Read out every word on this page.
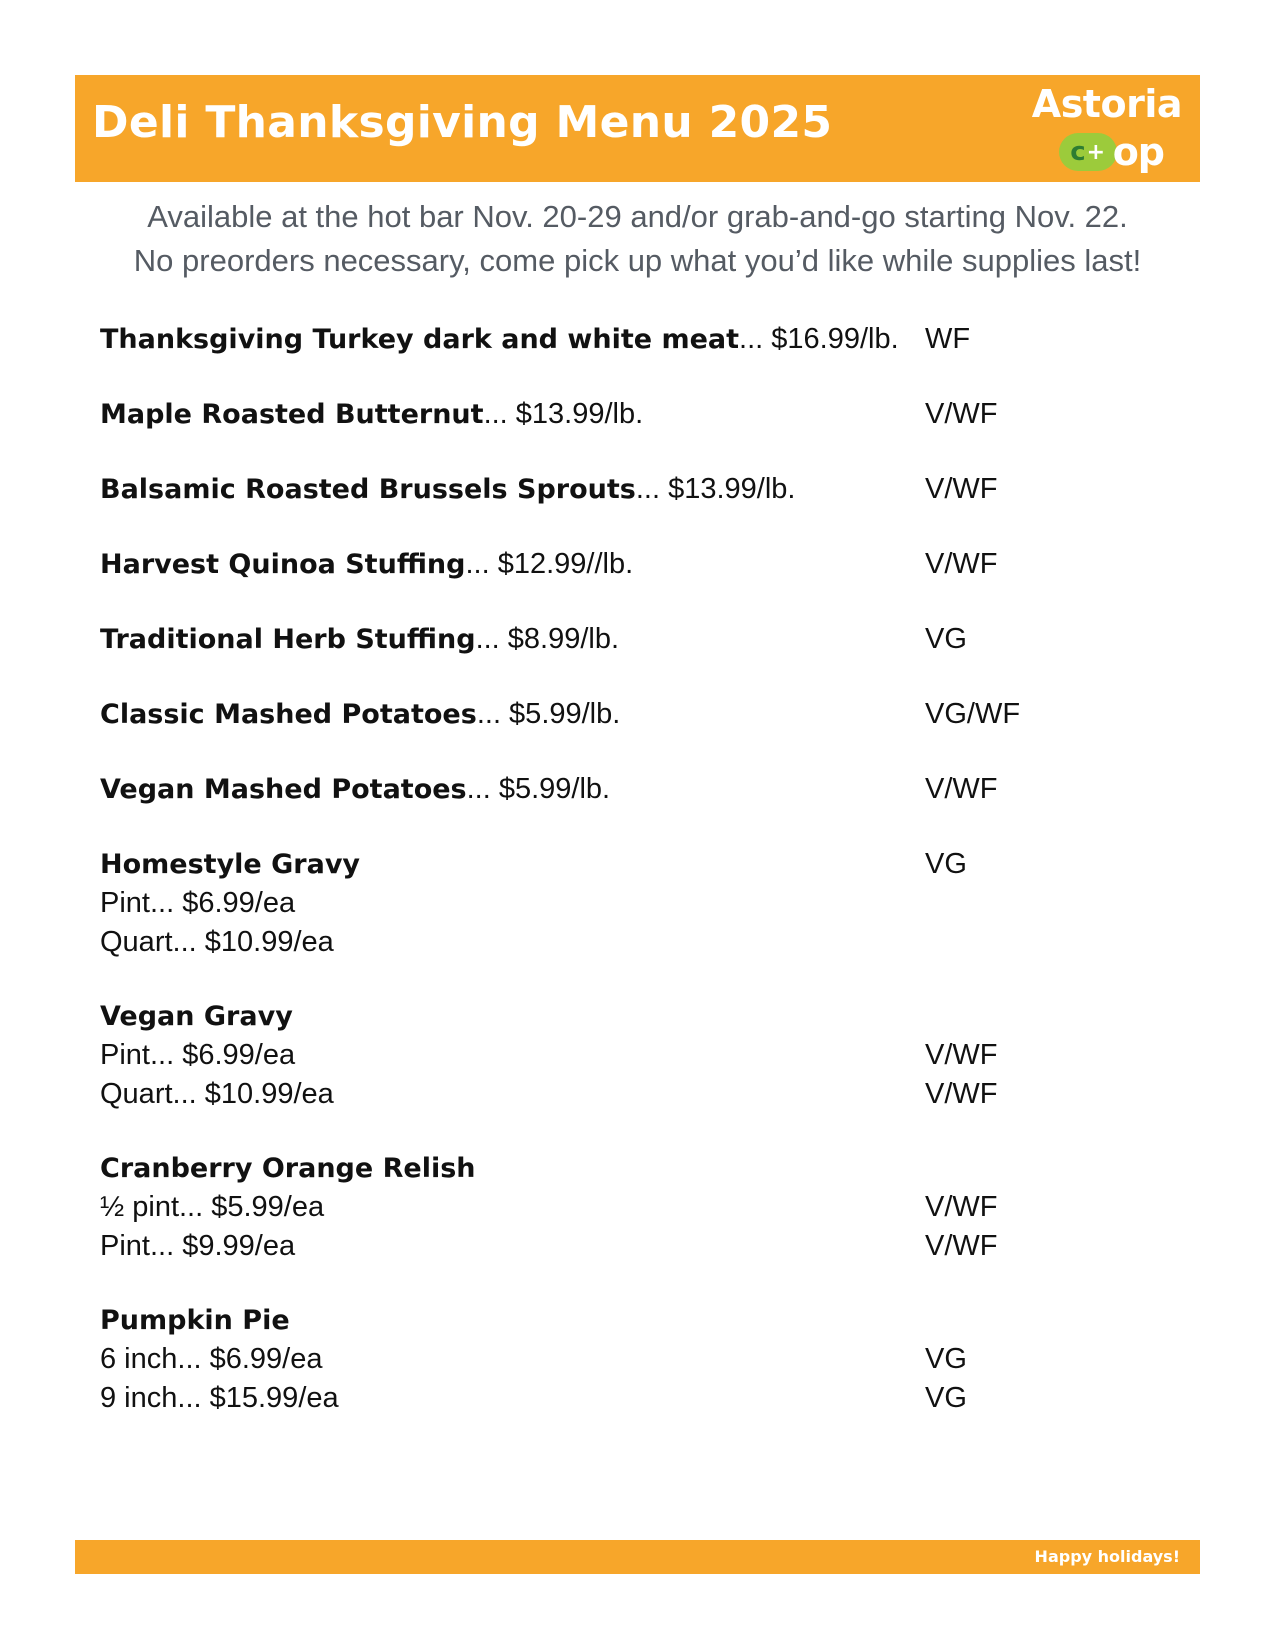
Deli Thanksgiving Menu 2025	Astoria
c + op
Available at the hot bar Nov. 20-29 and/or grab-and-go starting Nov. 22.
No preorders necessary, come pick up what you’d like while supplies last!
Thanksgiving Turkey dark and white meat... $16.99/lb. WF
Maple Roasted Butternut... $13.99/lb.	V/WF
Balsamic Roasted Brussels Sprouts... $13.99/lb.	V/WF
Harvest Quinoa Stuffing... $12.99//lb.	V/WF
Traditional Herb Stuffing... $8.99/lb.	VG
Classic Mashed Potatoes... $5.99/lb.	VG/WF
Vegan Mashed Potatoes... $5.99/lb.	V/WF
Homestyle Gravy	VG
Pint... $6.99/ea
Quart... $10.99/ea
Vegan Gravy
Pint... $6.99/ea	V/WF
Quart... $10.99/ea	V/WF
Cranberry Orange Relish
½ pint... $5.99/ea	V/WF
Pint... $9.99/ea	V/WF
Pumpkin Pie
6 inch... $6.99/ea	VG
9 inch... $15.99/ea	VG
Happy holidays!
